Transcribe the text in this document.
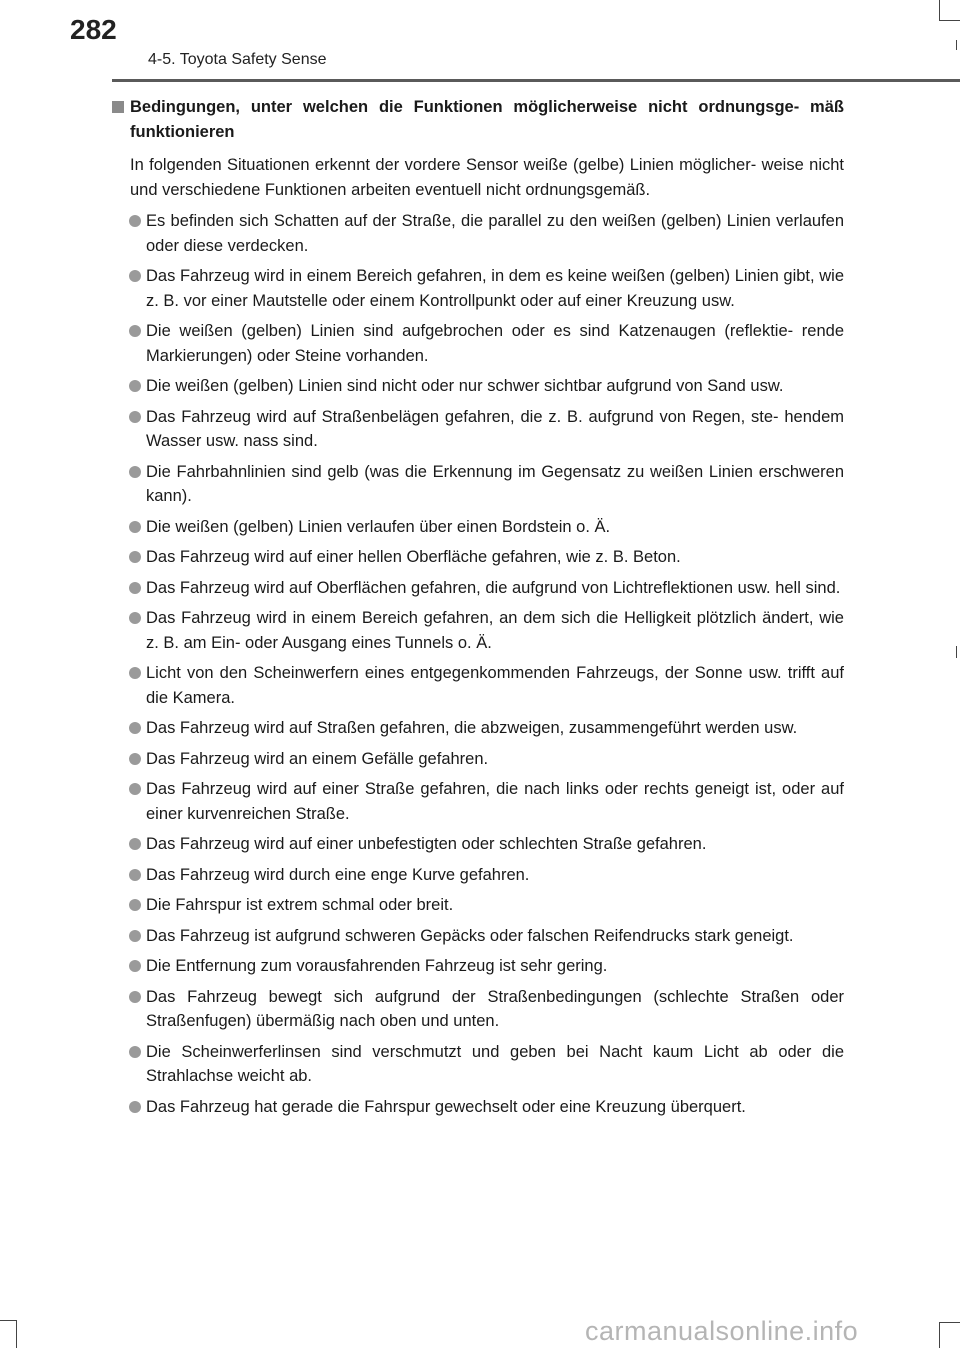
282
4-5. Toyota Safety Sense
Bedingungen, unter welchen die Funktionen möglicherweise nicht ordnungsge- mäß funktionieren
In folgenden Situationen erkennt der vordere Sensor weiße (gelbe) Linien möglicher- weise nicht und verschiedene Funktionen arbeiten eventuell nicht ordnungsgemäß.
Es befinden sich Schatten auf der Straße, die parallel zu den weißen (gelben) Linien verlaufen oder diese verdecken.
Das Fahrzeug wird in einem Bereich gefahren, in dem es keine weißen (gelben) Linien gibt, wie z. B. vor einer Mautstelle oder einem Kontrollpunkt oder auf einer Kreuzung usw.
Die weißen (gelben) Linien sind aufgebrochen oder es sind Katzenaugen (reflektie- rende Markierungen) oder Steine vorhanden.
Die weißen (gelben) Linien sind nicht oder nur schwer sichtbar aufgrund von Sand usw.
Das Fahrzeug wird auf Straßenbelägen gefahren, die z. B. aufgrund von Regen, ste- hendem Wasser usw. nass sind.
Die Fahrbahnlinien sind gelb (was die Erkennung im Gegensatz zu weißen Linien erschweren kann).
Die weißen (gelben) Linien verlaufen über einen Bordstein o. Ä.
Das Fahrzeug wird auf einer hellen Oberfläche gefahren, wie z. B. Beton.
Das Fahrzeug wird auf Oberflächen gefahren, die aufgrund von Lichtreflektionen usw. hell sind.
Das Fahrzeug wird in einem Bereich gefahren, an dem sich die Helligkeit plötzlich ändert, wie z. B. am Ein- oder Ausgang eines Tunnels o. Ä.
Licht von den Scheinwerfern eines entgegenkommenden Fahrzeugs, der Sonne usw. trifft auf die Kamera.
Das Fahrzeug wird auf Straßen gefahren, die abzweigen, zusammengeführt werden usw.
Das Fahrzeug wird an einem Gefälle gefahren.
Das Fahrzeug wird auf einer Straße gefahren, die nach links oder rechts geneigt ist, oder auf einer kurvenreichen Straße.
Das Fahrzeug wird auf einer unbefestigten oder schlechten Straße gefahren.
Das Fahrzeug wird durch eine enge Kurve gefahren.
Die Fahrspur ist extrem schmal oder breit.
Das Fahrzeug ist aufgrund schweren Gepäcks oder falschen Reifendrucks stark geneigt.
Die Entfernung zum vorausfahrenden Fahrzeug ist sehr gering.
Das Fahrzeug bewegt sich aufgrund der Straßenbedingungen (schlechte Straßen oder Straßenfugen) übermäßig nach oben und unten.
Die Scheinwerferlinsen sind verschmutzt und geben bei Nacht kaum Licht ab oder die Strahlachse weicht ab.
Das Fahrzeug hat gerade die Fahrspur gewechselt oder eine Kreuzung überquert.
carmanualsonline.info
